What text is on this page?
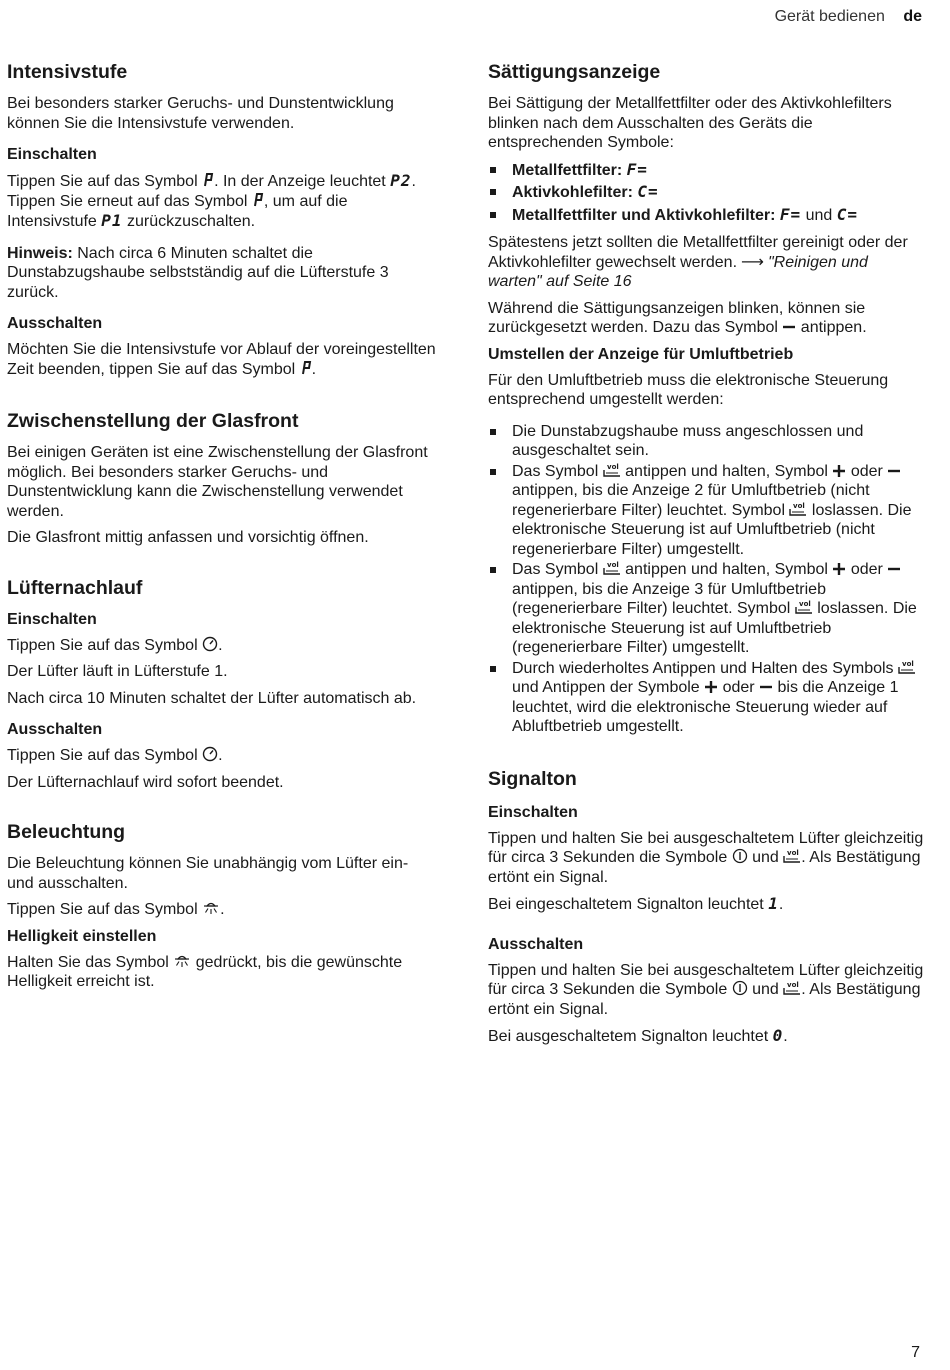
Gerät bedienen de
Intensivstufe

Bei besonders starker Geruchs- und Dunstentwicklung können Sie die Intensivstufe verwenden.

Einschalten

Tippen Sie auf das Symbol . In der Anzeige leuchtet P2. Tippen Sie erneut auf das Symbol , um auf die Intensivstufe P1 zurückzuschalten.

Hinweis: Nach circa 6 Minuten schaltet die Dunstabzugshaube selbstständig auf die Lüfterstufe 3 zurück.

Ausschalten

Möchten Sie die Intensivstufe vor Ablauf der voreingestellten Zeit beenden, tippen Sie auf das Symbol .

Zwischenstellung der Glasfront

Bei einigen Geräten ist eine Zwischenstellung der Glasfront möglich. Bei besonders starker Geruchs- und Dunstentwicklung kann die Zwischenstellung verwendet werden.

Die Glasfront mittig anfassen und vorsichtig öffnen.

Lüfternachlauf
Einschalten

Tippen Sie auf das Symbol .

Der Lüfter läuft in Lüfterstufe 1.

Nach circa 10 Minuten schaltet der Lüfter automatisch ab.

Ausschalten

Tippen Sie auf das Symbol .

Der Lüfternachlauf wird sofort beendet.

Beleuchtung

Die Beleuchtung können Sie unabhängig vom Lüfter ein- und ausschalten.

Tippen Sie auf das Symbol .

Helligkeit einstellen

Halten Sie das Symbol  gedrückt, bis die gewünschte Helligkeit erreicht ist.

Sättigungsanzeige

Bei Sättigung der Metallfettfilter oder des Aktivkohlefilters blinken nach dem Ausschalten des Geräts die entsprechenden Symbole:

Metallfettfilter: F=
Aktivkohlefilter: C=
Metallfettfilter und Aktivkohlefilter: F= und C=

Spätestens jetzt sollten die Metallfettfilter gereinigt oder der Aktivkohlefilter gewechselt werden. ⟶ "Reinigen und warten" auf Seite 16

Während die Sättigungsanzeigen blinken, können sie zurückgesetzt werden. Dazu das Symbol  antippen.

Umstellen der Anzeige für Umluftbetrieb

Für den Umluftbetrieb muss die elektronische Steuerung entsprechend umgestellt werden:

Die Dunstabzugshaube muss angeschlossen und ausgeschaltet sein.
Das Symbol  antippen und halten, Symbol  oder  antippen, bis die Anzeige 2 für Umluftbetrieb (nicht regenerierbare Filter) leuchtet. Symbol  loslassen. Die elektronische Steuerung ist auf Umluftbetrieb (nicht regenerierbare Filter) umgestellt.
Das Symbol  antippen und halten, Symbol  oder  antippen, bis die Anzeige 3 für Umluftbetrieb (regenerierbare Filter) leuchtet. Symbol  loslassen. Die elektronische Steuerung ist auf Umluftbetrieb (regenerierbare Filter) umgestellt.
Durch wiederholtes Antippen und Halten des Symbols  und Antippen der Symbole  oder  bis die Anzeige 1 leuchtet, wird die elektronische Steuerung wieder auf Abluftbetrieb umgestellt.
Signalton
Einschalten

Tippen und halten Sie bei ausgeschaltetem Lüfter gleichzeitig für circa 3 Sekunden die Symbole  und . Als Bestätigung ertönt ein Signal.

Bei eingeschaltetem Signalton leuchtet 1.

Ausschalten

Tippen und halten Sie bei ausgeschaltetem Lüfter gleichzeitig für circa 3 Sekunden die Symbole  und . Als Bestätigung ertönt ein Signal.

Bei ausgeschaltetem Signalton leuchtet 0.

7
